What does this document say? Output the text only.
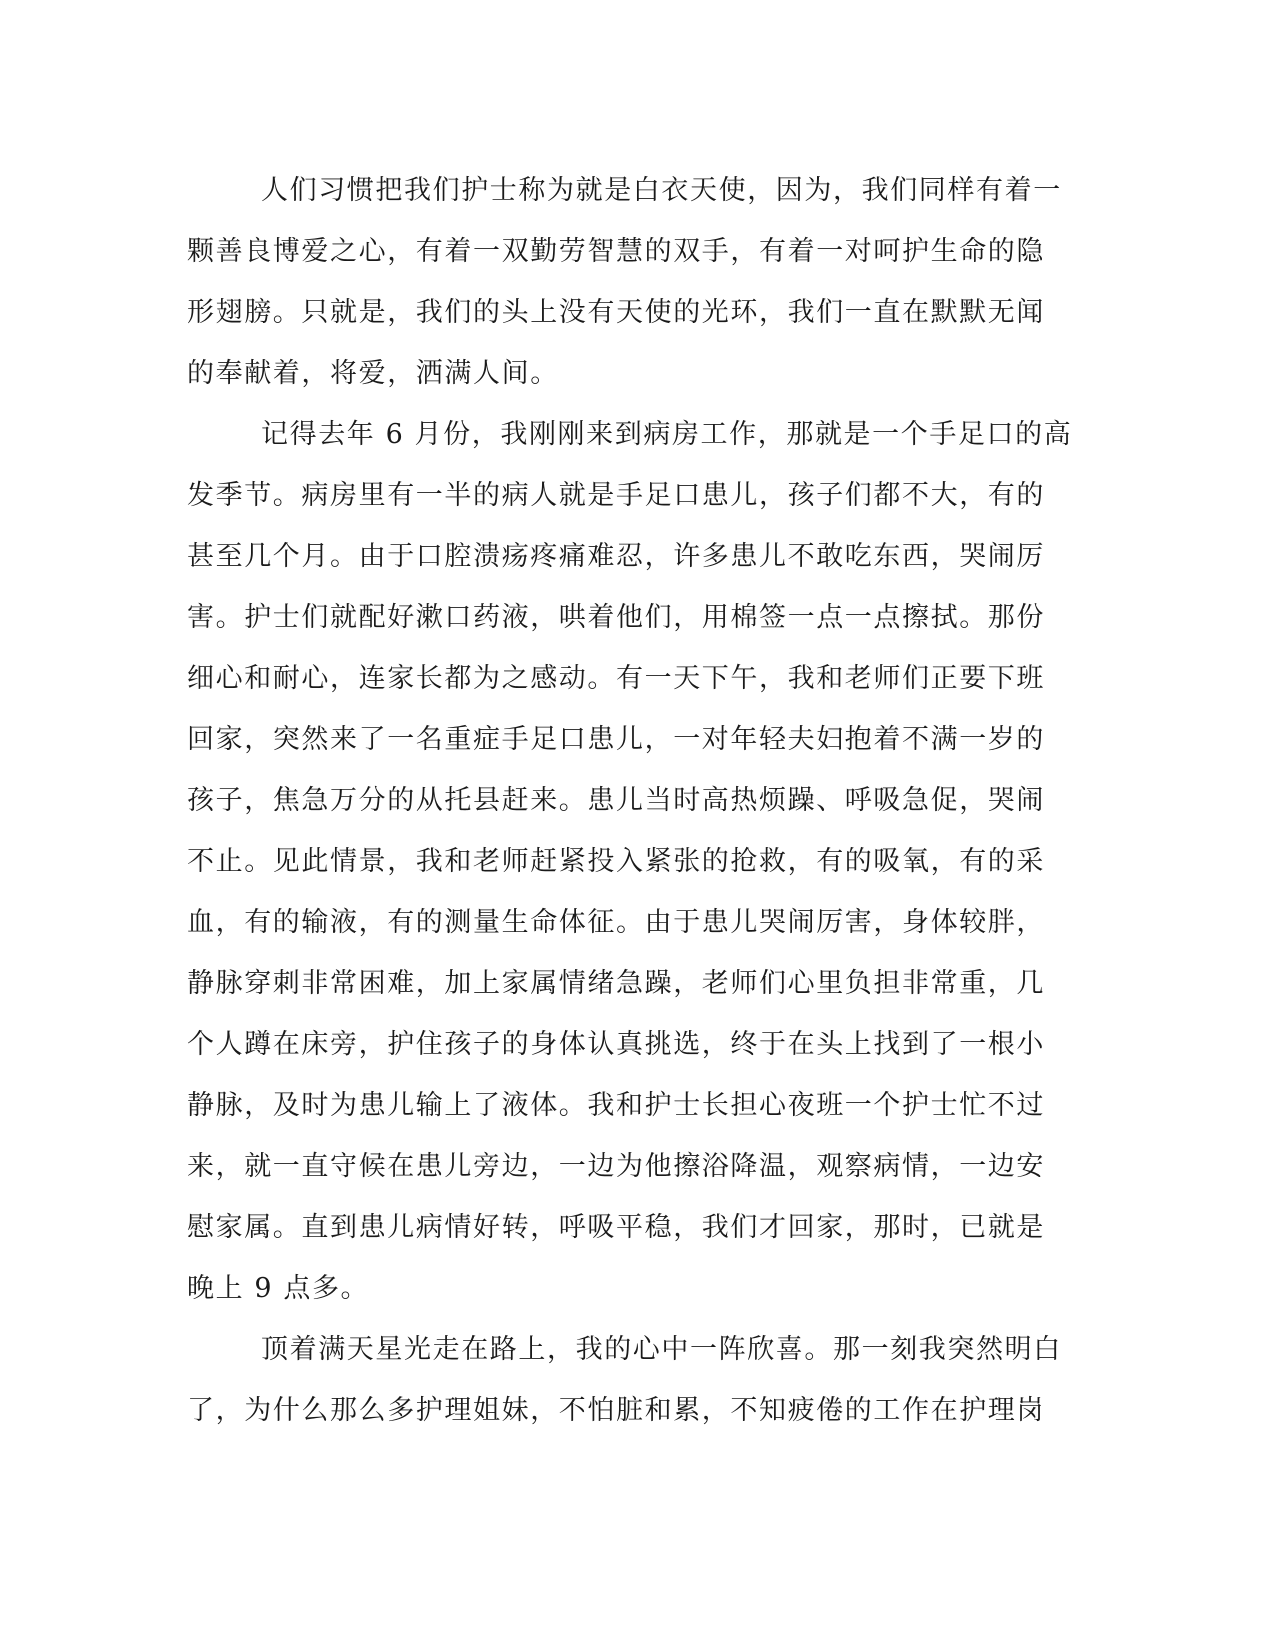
人们习惯把我们护士称为就是白衣天使，因为，我们同样有着一
颗善良博爱之心，有着一双勤劳智慧的双手，有着一对呵护生命的隐
形翅膀。只就是，我们的头上没有天使的光环，我们一直在默默无闻
的奉献着，将爱，洒满人间。
记得去年 6 月份，我刚刚来到病房工作，那就是一个手足口的高
发季节。病房里有一半的病人就是手足口患儿，孩子们都不大，有的
甚至几个月。由于口腔溃疡疼痛难忍，许多患儿不敢吃东西，哭闹厉
害。护士们就配好漱口药液，哄着他们，用棉签一点一点擦拭。那份
细心和耐心，连家长都为之感动。有一天下午，我和老师们正要下班
回家，突然来了一名重症手足口患儿，一对年轻夫妇抱着不满一岁的
孩子，焦急万分的从托县赶来。患儿当时高热烦躁、呼吸急促，哭闹
不止。见此情景，我和老师赶紧投入紧张的抢救，有的吸氧，有的采
血，有的输液，有的测量生命体征。由于患儿哭闹厉害，身体较胖，
静脉穿刺非常困难，加上家属情绪急躁，老师们心里负担非常重，几
个人蹲在床旁，护住孩子的身体认真挑选，终于在头上找到了一根小
静脉，及时为患儿输上了液体。我和护士长担心夜班一个护士忙不过
来，就一直守候在患儿旁边，一边为他擦浴降温，观察病情，一边安
慰家属。直到患儿病情好转，呼吸平稳，我们才回家，那时，已就是
晚上 9 点多。
顶着满天星光走在路上，我的心中一阵欣喜。那一刻我突然明白
了，为什么那么多护理姐妹，不怕脏和累，不知疲倦的工作在护理岗
